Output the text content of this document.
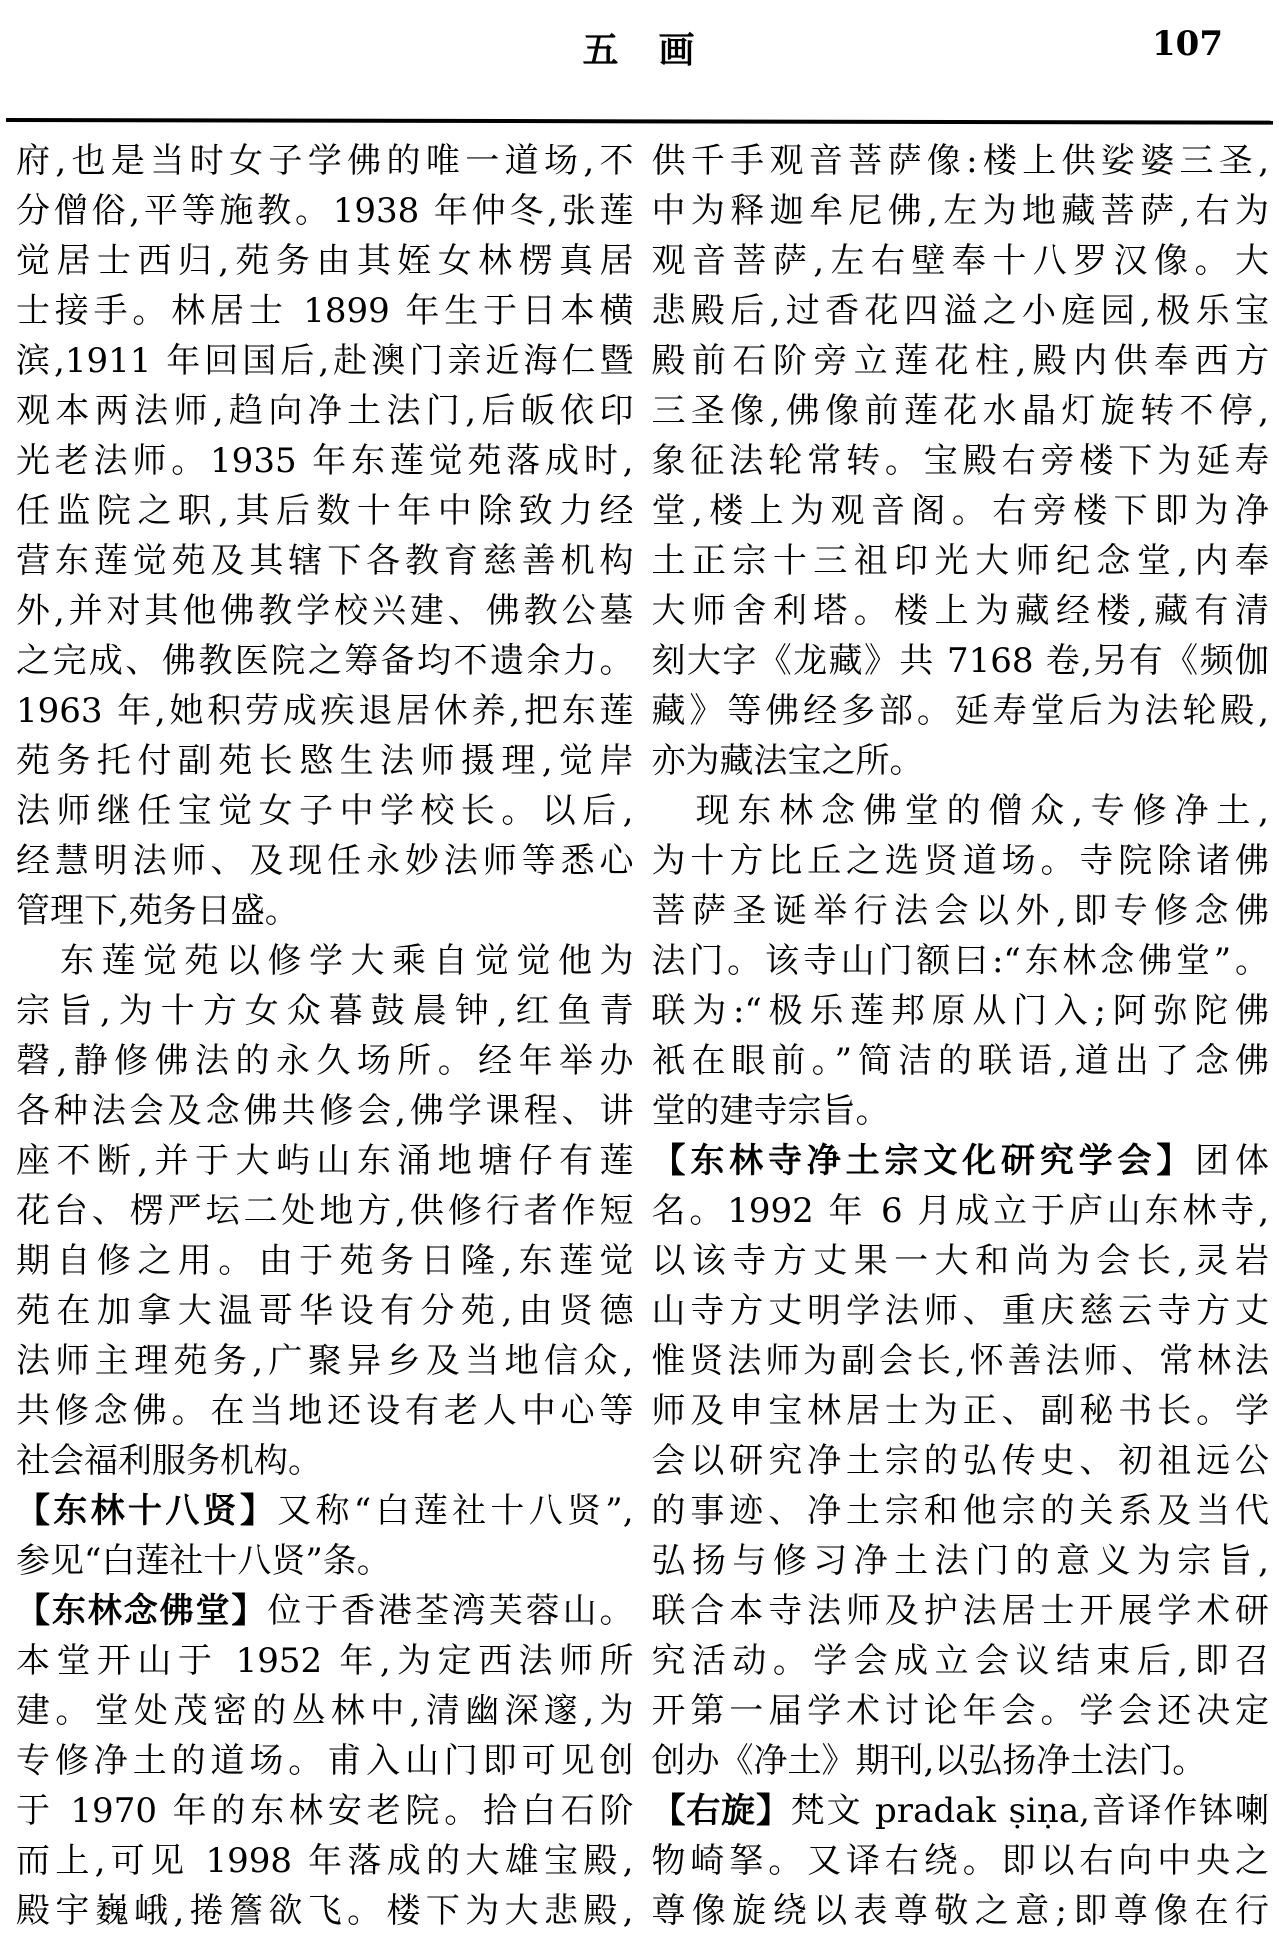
五　画	107
府,也是当时女子学佛的唯一道场,不
分僧俗,平等施教。1938 年仲冬,张莲
觉居士西归,苑务由其姪女林楞真居
士接手。林居士 1899 年生于日本横
滨,1911 年回国后,赴澳门亲近海仁暨
观本两法师,趋向净土法门,后皈依印
光老法师。1935 年东莲觉苑落成时,
任监院之职,其后数十年中除致力经
营东莲觉苑及其辖下各教育慈善机构
外,并对其他佛教学校兴建、佛教公墓
之完成、佛教医院之筹备均不遗余力。
1963 年,她积劳成疾退居休养,把东莲
苑务托付副苑长愍生法师摄理,觉岸
法师继任宝觉女子中学校长。以后,
经慧明法师、及现任永妙法师等悉心
管理下,苑务日盛。
东莲觉苑以修学大乘自觉觉他为
宗旨,为十方女众暮鼓晨钟,红鱼青
磬,静修佛法的永久场所。经年举办
各种法会及念佛共修会,佛学课程、讲
座不断,并于大屿山东涌地塘仔有莲
花台、楞严坛二处地方,供修行者作短
期自修之用。由于苑务日隆,东莲觉
苑在加拿大温哥华设有分苑,由贤德
法师主理苑务,广聚异乡及当地信众,
共修念佛。在当地还设有老人中心等
社会福利服务机构。
【东林十八贤】又称“白莲社十八贤”,
参见“白莲社十八贤”条。
【东林念佛堂】位于香港荃湾芙蓉山。
本堂开山于 1952 年,为定西法师所
建。堂处茂密的丛林中,清幽深邃,为
专修净土的道场。甫入山门即可见创
于 1970 年的东林安老院。拾白石阶
而上,可见 1998 年落成的大雄宝殿,
殿宇巍峨,捲簷欲飞。楼下为大悲殿,
供千手观音菩萨像:楼上供娑婆三圣,
中为释迦牟尼佛,左为地藏菩萨,右为
观音菩萨,左右壁奉十八罗汉像。大
悲殿后,过香花四溢之小庭园,极乐宝
殿前石阶旁立莲花柱,殿内供奉西方
三圣像,佛像前莲花水晶灯旋转不停,
象征法轮常转。宝殿右旁楼下为延寿
堂,楼上为观音阁。右旁楼下即为净
土正宗十三祖印光大师纪念堂,内奉
大师舍利塔。楼上为藏经楼,藏有清
刻大字《龙藏》共 7168 卷,另有《频伽
藏》等佛经多部。延寿堂后为法轮殿,
亦为藏法宝之所。
现东林念佛堂的僧众,专修净土,
为十方比丘之选贤道场。寺院除诸佛
菩萨圣诞举行法会以外,即专修念佛
法门。该寺山门额曰:“东林念佛堂”。
联为:“极乐莲邦原从门入;阿弥陀佛
衹在眼前。”简洁的联语,道出了念佛
堂的建寺宗旨。
【东林寺净土宗文化研究学会】团体
名。1992 年 6 月成立于庐山东林寺,
以该寺方丈果一大和尚为会长,灵岩
山寺方丈明学法师、重庆慈云寺方丈
惟贤法师为副会长,怀善法师、常林法
师及申宝林居士为正、副秘书长。学
会以研究净土宗的弘传史、初祖远公
的事迹、净土宗和他宗的关系及当代
弘扬与修习净土法门的意义为宗旨,
联合本寺法师及护法居士开展学术研
究活动。学会成立会议结束后,即召
开第一届学术讨论年会。学会还决定
创办《净土》期刊,以弘扬净土法门。
【右旋】梵文 pradak ṣiṇa,音译作钵喇
物崎拏。又译右绕。即以右向中央之
尊像旋绕以表尊敬之意;即尊像在行
